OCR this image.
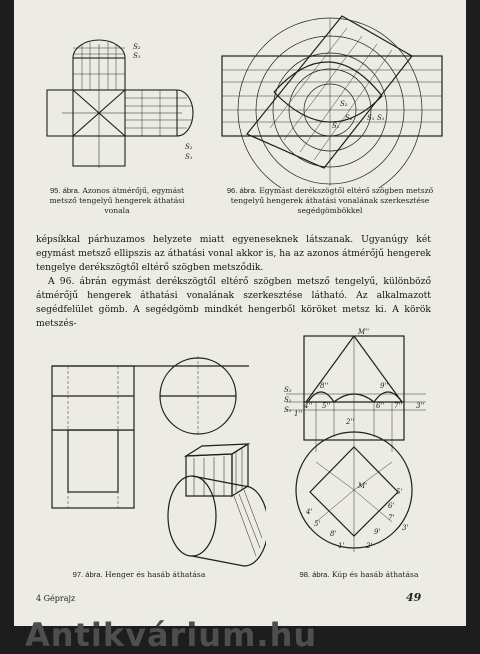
S₂
S₁
S₂
S₁
95. ábra. Azonos átmérőjű, egymást metsző tengelyű hengerek áthatási vonala
S₂
S₂
S₁
S₁ S₁
96. ábra. Egymást derékszögtől eltérő szögben metsző tengelyű hengerek áthatási vonalának szerkesztése segédgömbökkel

képsíkkal párhuzamos helyzete miatt egyeneseknek látszanak. Ugyanúgy két egymást metsző ellipszis az áthatási vonal akkor is, ha az azonos átmérőjű hengerek tengelye derékszögtől eltérő szögben metsződik.

A 96. ábrán egymást derékszögtől eltérő szögben metsző tengelyű, különböző átmérőjű hengerek áthatási vonalának szerkesztése látható. Az alkalmazott segédfelület gömb. A segédgömb mindkét hengerből köröket metsz ki. A körök metszés-

97. ábra. Henger és hasáb áthatása
M''
S₂
S₁
S₁
8''	9''
4'' 5''	6'' 7'' 3''
1''
2''
M'
4'
5'
6'
7'
8'	9'
1'	2'
3'
5'
98. ábra. Kúp és hasáb áthatása
4 Géprajz	49
Antikvárium.hu
